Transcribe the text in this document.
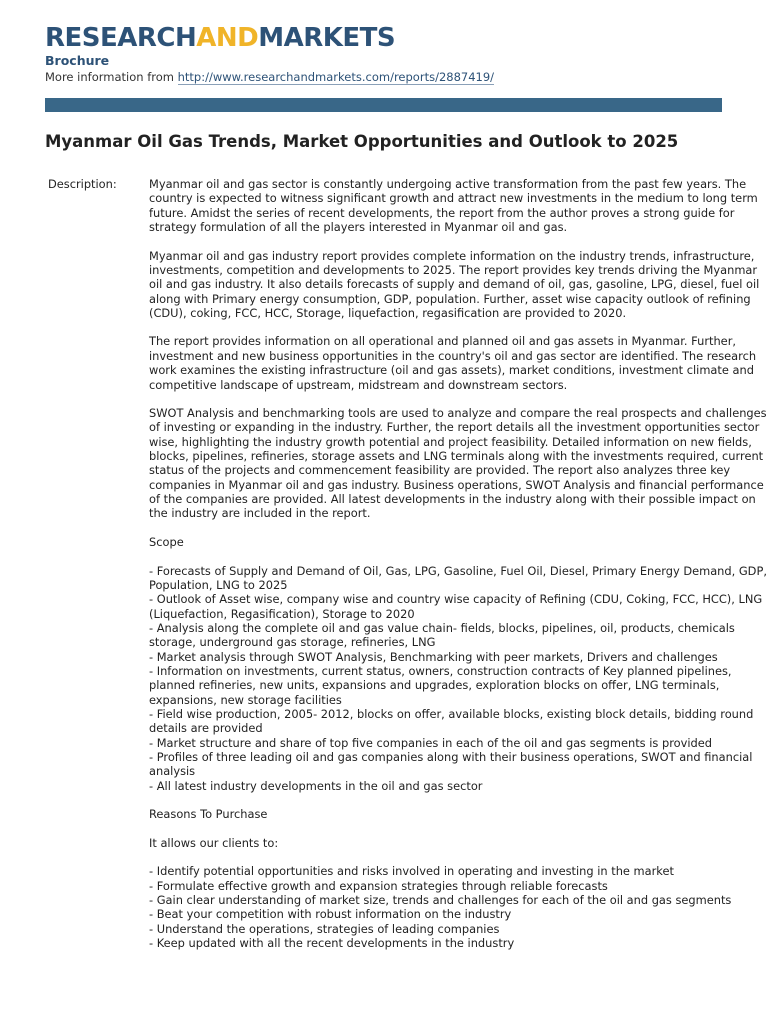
RESEARCHANDMARKETS
Brochure
More information from http://www.researchandmarkets.com/reports/2887419/
Myanmar Oil Gas Trends, Market Opportunities and Outlook to 2025
Description:	Myanmar oil and gas sector is constantly undergoing active transformation from the past few years. The
country is expected to witness significant growth and attract new investments in the medium to long term
future. Amidst the series of recent developments, the report from the author proves a strong guide for
strategy formulation of all the players interested in Myanmar oil and gas.

Myanmar oil and gas industry report provides complete information on the industry trends, infrastructure,
investments, competition and developments to 2025. The report provides key trends driving the Myanmar
oil and gas industry. It also details forecasts of supply and demand of oil, gas, gasoline, LPG, diesel, fuel oil
along with Primary energy consumption, GDP, population. Further, asset wise capacity outlook of refining
(CDU), coking, FCC, HCC, Storage, liquefaction, regasification are provided to 2020.

The report provides information on all operational and planned oil and gas assets in Myanmar. Further,
investment and new business opportunities in the country's oil and gas sector are identified. The research
work examines the existing infrastructure (oil and gas assets), market conditions, investment climate and
competitive landscape of upstream, midstream and downstream sectors.

SWOT Analysis and benchmarking tools are used to analyze and compare the real prospects and challenges
of investing or expanding in the industry. Further, the report details all the investment opportunities sector
wise, highlighting the industry growth potential and project feasibility. Detailed information on new fields,
blocks, pipelines, refineries, storage assets and LNG terminals along with the investments required, current
status of the projects and commencement feasibility are provided. The report also analyzes three key
companies in Myanmar oil and gas industry. Business operations, SWOT Analysis and financial performance
of the companies are provided. All latest developments in the industry along with their possible impact on
the industry are included in the report.

Scope

- Forecasts of Supply and Demand of Oil, Gas, LPG, Gasoline, Fuel Oil, Diesel, Primary Energy Demand, GDP,
Population, LNG to 2025
- Outlook of Asset wise, company wise and country wise capacity of Refining (CDU, Coking, FCC, HCC), LNG
(Liquefaction, Regasification), Storage to 2020
- Analysis along the complete oil and gas value chain- fields, blocks, pipelines, oil, products, chemicals
storage, underground gas storage, refineries, LNG
- Market analysis through SWOT Analysis, Benchmarking with peer markets, Drivers and challenges
- Information on investments, current status, owners, construction contracts of Key planned pipelines,
planned refineries, new units, expansions and upgrades, exploration blocks on offer, LNG terminals,
expansions, new storage facilities
- Field wise production, 2005- 2012, blocks on offer, available blocks, existing block details, bidding round
details are provided
- Market structure and share of top five companies in each of the oil and gas segments is provided
- Profiles of three leading oil and gas companies along with their business operations, SWOT and financial
analysis
- All latest industry developments in the oil and gas sector

Reasons To Purchase

It allows our clients to:

- Identify potential opportunities and risks involved in operating and investing in the market
- Formulate effective growth and expansion strategies through reliable forecasts
- Gain clear understanding of market size, trends and challenges for each of the oil and gas segments
- Beat your competition with robust information on the industry
- Understand the operations, strategies of leading companies
- Keep updated with all the recent developments in the industry
